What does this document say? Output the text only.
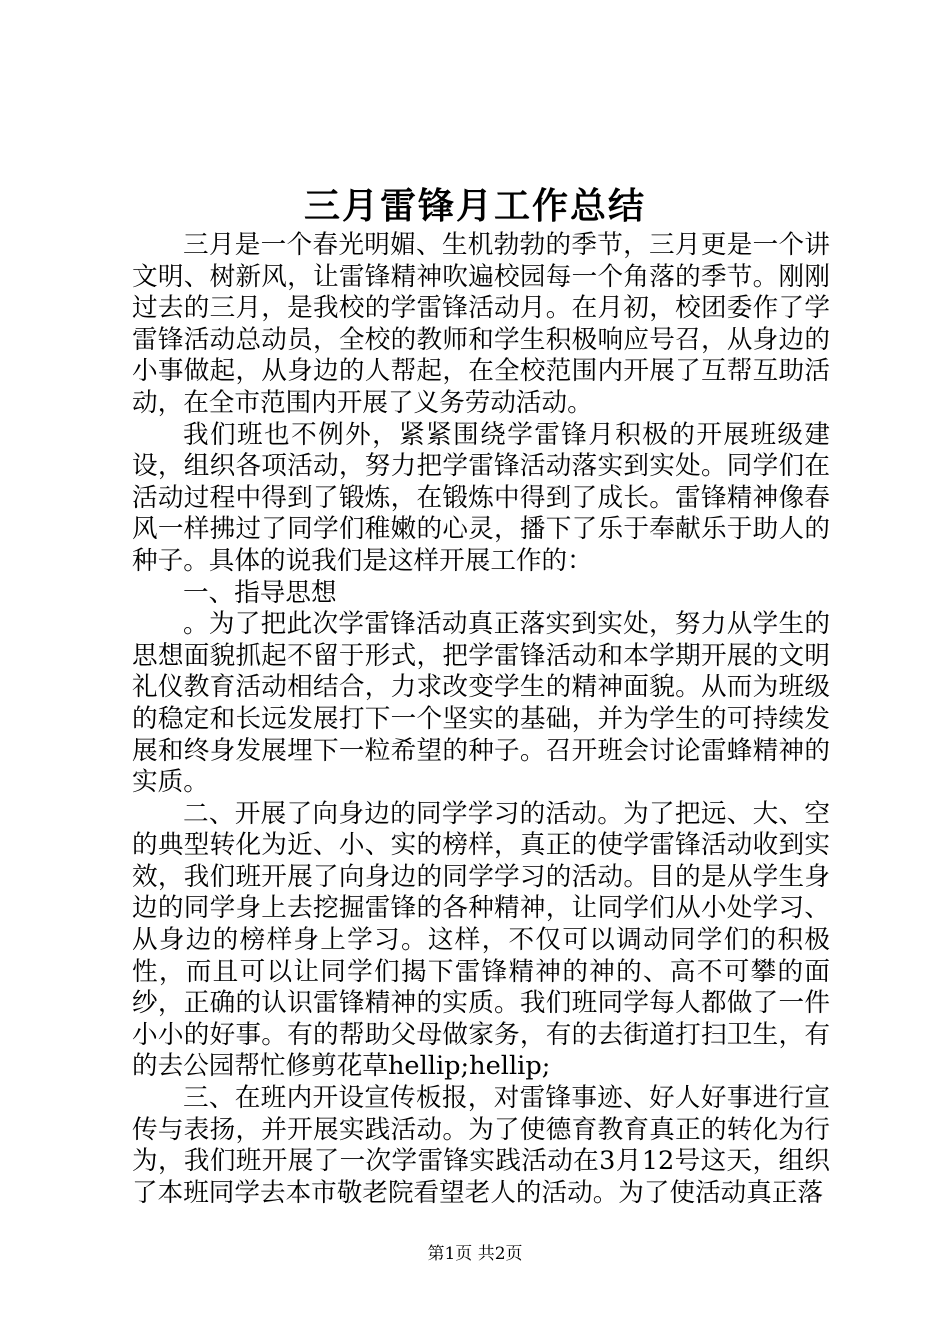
三月雷锋月工作总结

三月是一个春光明媚、生机勃勃的季节，三月更是一个讲文明、树新风，让雷锋精神吹遍校园每一个角落的季节。刚刚过去的三月，是我校的学雷锋活动月。在月初，校团委作了学雷锋活动总动员，全校的教师和学生积极响应号召，从身边的小事做起，从身边的人帮起，在全校范围内开展了互帮互助活动，在全市范围内开展了义务劳动活动。

我们班也不例外，紧紧围绕学雷锋月积极的开展班级建设，组织各项活动，努力把学雷锋活动落实到实处。同学们在活动过程中得到了锻炼，在锻炼中得到了成长。雷锋精神像春风一样拂过了同学们稚嫩的心灵，播下了乐于奉献乐于助人的种子。具体的说我们是这样开展工作的：

一、指导思想

。为了把此次学雷锋活动真正落实到实处，努力从学生的思想面貌抓起不留于形式，把学雷锋活动和本学期开展的文明礼仪教育活动相结合，力求改变学生的精神面貌。从而为班级的稳定和长远发展打下一个坚实的基础，并为学生的可持续发展和终身发展埋下一粒希望的种子。召开班会讨论雷蜂精神的实质。

二、开展了向身边的同学学习的活动。为了把远、大、空的典型转化为近、小、实的榜样，真正的使学雷锋活动收到实效，我们班开展了向身边的同学学习的活动。目的是从学生身边的同学身上去挖掘雷锋的各种精神，让同学们从小处学习、从身边的榜样身上学习。这样，不仅可以调动同学们的积极性，而且可以让同学们揭下雷锋精神的神的、高不可攀的面纱，正确的认识雷锋精神的实质。我们班同学每人都做了一件小小的好事。有的帮助父母做家务，有的去街道打扫卫生，有的去公园帮忙修剪花草hellip;hellip;

三、在班内开设宣传板报，对雷锋事迹、好人好事进行宣传与表扬，并开展实践活动。为了使德育教育真正的转化为行为，我们班开展了一次学雷锋实践活动在3月12号这天，组织了本班同学去本市敬老院看望老人的活动。为了使活动真正落

第1页 共2页
